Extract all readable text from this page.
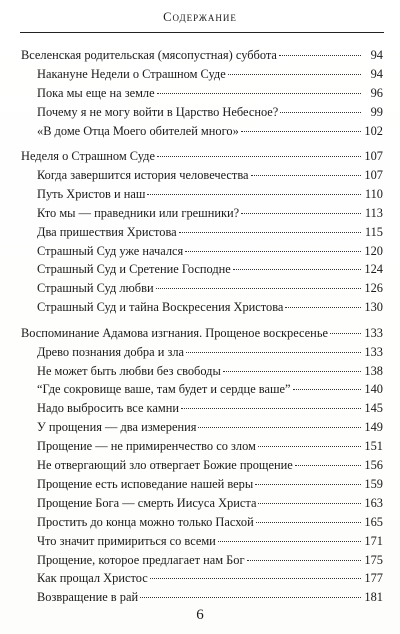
Содержание
Вселенская родительская (мясопустная) суббота	94
Накануне Недели о Страшном Суде	94
Пока мы еще на земле	96
Почему я не могу войти в Царство Небесное?	99
«В доме Отца Моего обителей много»	102
Неделя о Страшном Суде	107
Когда завершится история человечества	107
Путь Христов и наш	110
Кто мы — праведники или грешники?	113
Два пришествия Христова	115
Страшный Суд уже начался	120
Страшный Суд и Сретение Господне	124
Страшный Суд любви	126
Страшный Суд и тайна Воскресения Христова	130
Воспоминание Адамова изгнания. Прощеное воскресенье	133
Древо познания добра и зла	133
Не может быть любви без свободы	138
“Где сокровище ваше, там будет и сердце ваше”	140
Надо выбросить все камни	145
У прощения — два измерения	149
Прощение — не примиренчество со злом	151
Не отвергающий зло отвергает Божие прощение	156
Прощение есть исповедание нашей веры	159
Прощение Бога — смерть Иисуса Христа	163
Простить до конца можно только Пасхой	165
Что значит примириться со всеми	171
Прощение, которое предлагает нам Бог	175
Как прощал Христос	177
Возвращение в рай	181
6
